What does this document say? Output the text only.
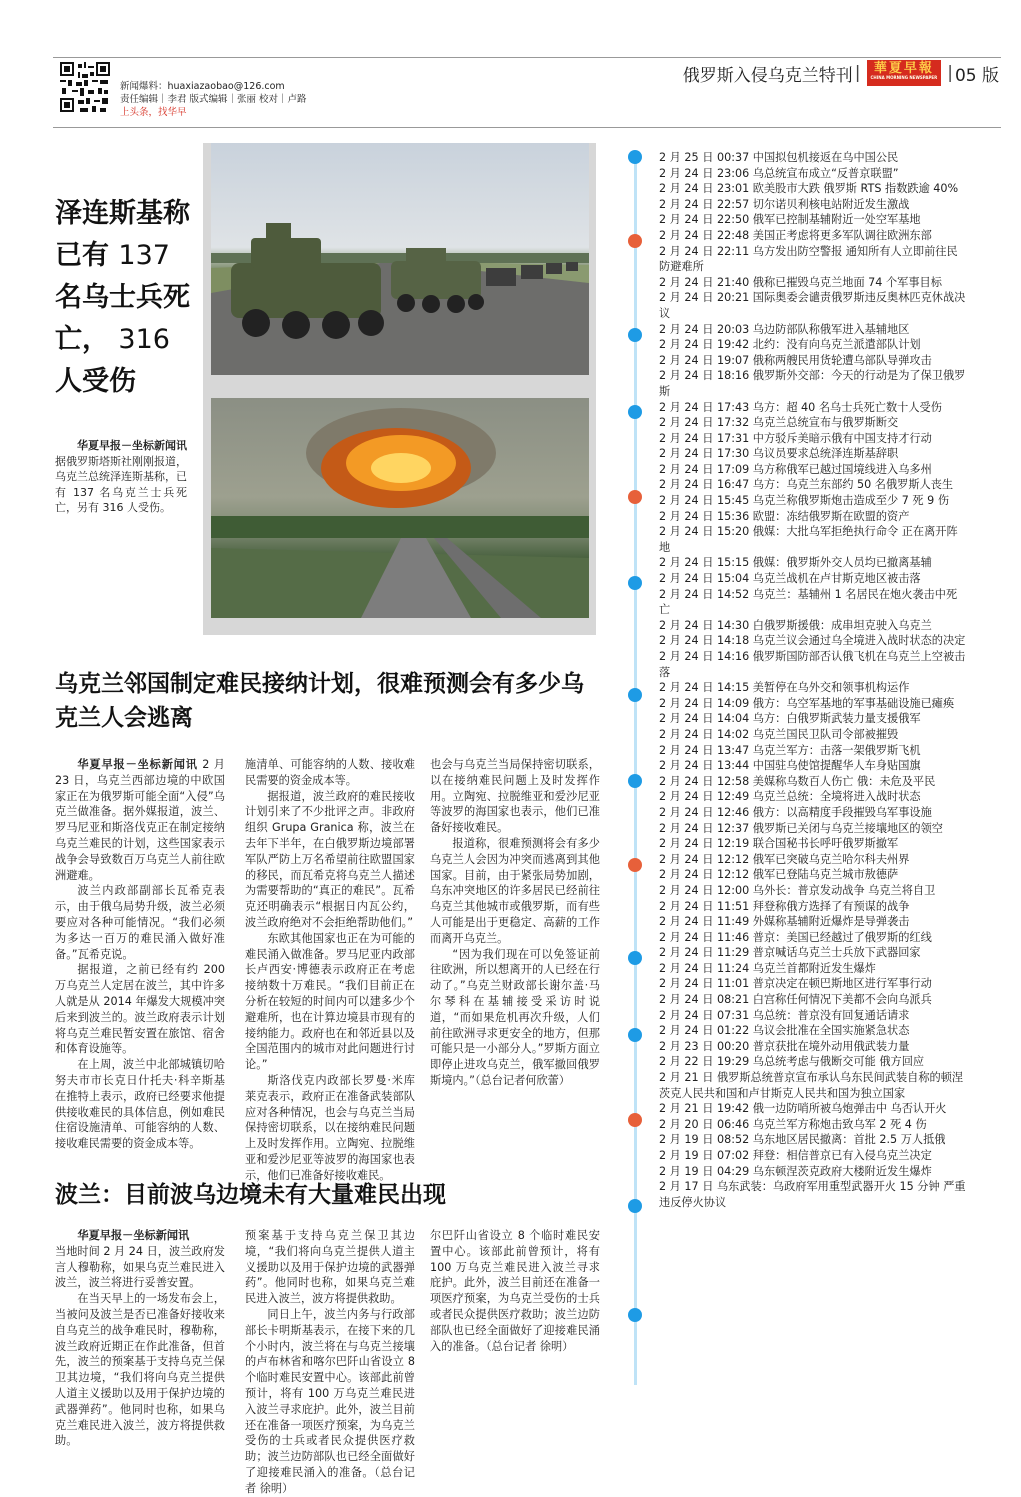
新闻爆料：huaxiazaobao@126.com
责任编辑｜李君 版式编辑｜张丽 校对｜卢路
上头条，找华早
俄罗斯入侵乌克兰特刊 |	華夏早報
CHINA MORNING NEWSPAPER | 05 版
泽连斯基称已有 137 名乌士兵死亡， 316 人受伤
华夏早报－坐标新闻讯 据俄罗斯塔斯社刚刚报道，乌克兰总统泽连斯基称，已有 137 名乌克兰士兵死亡，另有 316 人受伤。
乌克兰邻国制定难民接纳计划，很难预测会有多少乌克兰人会逃离

华夏早报－坐标新闻讯 2 月 23 日，乌克兰西部边境的中欧国家正在为俄罗斯可能全面“入侵”乌克兰做准备。据外媒报道，波兰、罗马尼亚和斯洛伐克正在制定接纳乌克兰难民的计划，这些国家表示战争会导致数百万乌克兰人前往欧洲避难。

波兰内政部副部长瓦希克表示，由于俄乌局势升级，波兰必须要应对各种可能情况。“我们必须为多达一百万的难民涌入做好准备。”瓦希克说。

据报道，之前已经有约 200 万乌克兰人定居在波兰，其中许多人就是从 2014 年爆发大规模冲突后来到波兰的。波兰政府表示计划将乌克兰难民暂安置在旅馆、宿舍和体育设施等。

在上周，波兰中北部城镇切哈努夫市市长克日什托夫·科辛斯基在推特上表示，政府已经要求他提供接收难民的具体信息，例如难民住宿设施清单、可能容纳的人数、接收难民需要的资金成本等。

施清单、可能容纳的人数、接收难民需要的资金成本等。

据报道，波兰政府的难民接收计划引来了不少批评之声。非政府组织 Grupa Granica 称，波兰在去年下半年，在白俄罗斯边境部署军队严防上万名希望前往欧盟国家的移民，而瓦希克将乌克兰人描述为需要帮助的“真正的难民”。瓦希克还明确表示“根据日内瓦公约，波兰政府绝对不会拒绝帮助他们。”

东欧其他国家也正在为可能的难民涌入做准备。罗马尼亚内政部长卢西安·博德表示政府正在考虑接纳数十万难民。“我们目前正在分析在较短的时间内可以建多少个避难所，也在计算边境县市现有的接纳能力。政府也在和邻近县以及全国范围内的城市对此问题进行讨论。”

斯洛伐克内政部长罗曼·米库莱克表示，政府正在准备武装部队应对各种情况，也会与乌克兰当局保持密切联系，以在接纳难民问题上及时发挥作用。立陶宛、拉脱维亚和爱沙尼亚等波罗的海国家也表示，他们已准备好接收难民。

也会与乌克兰当局保持密切联系，以在接纳难民问题上及时发挥作用。立陶宛、拉脱维亚和爱沙尼亚等波罗的海国家也表示，他们已准备好接收难民。

报道称，很难预测将会有多少乌克兰人会因为冲突而逃离到其他国家。目前，由于紧张局势加剧，乌东冲突地区的许多居民已经前往乌克兰其他城市或俄罗斯，而有些人可能是出于更稳定、高薪的工作而离开乌克兰。

“因为我们现在可以免签证前往欧洲，所以想离开的人已经在行动了。”乌克兰财政部长谢尔盖·马尔琴科在基辅接受采访时说道，“而如果危机再次升级，人们前往欧洲寻求更安全的地方，但那可能只是一小部分人。”罗斯方面立即停止进攻乌克兰，俄军撤回俄罗斯境内。”（总台记者何欣蕾）

波兰：目前波乌边境未有大量难民出现

华夏早报－坐标新闻讯

当地时间 2 月 24 日，波兰政府发言人穆勒称，如果乌克兰难民进入波兰，波兰将进行妥善安置。

在当天早上的一场发布会上，当被问及波兰是否已准备好接收来自乌克兰的战争难民时，穆勒称，波兰政府近期正在作此准备，但首先，波兰的预案基于支持乌克兰保卫其边境，“我们将向乌克兰提供人道主义援助以及用于保护边境的武器弹药”。他同时也称，如果乌克兰难民进入波兰，波方将提供救助。

预案基于支持乌克兰保卫其边境，“我们将向乌克兰提供人道主义援助以及用于保护边境的武器弹药”。他同时也称，如果乌克兰难民进入波兰，波方将提供救助。

同日上午，波兰内务与行政部部长卡明斯基表示，在接下来的几个小时内，波兰将在与乌克兰接壤的卢布林省和喀尔巴阡山省设立 8 个临时难民安置中心。该部此前曾预计，将有 100 万乌克兰难民进入波兰寻求庇护。此外，波兰目前还在准备一项医疗预案，为乌克兰受伤的士兵或者民众提供医疗救助；波兰边防部队也已经全面做好了迎接难民涌入的准备。（总台记者 徐明）

尔巴阡山省设立 8 个临时难民安置中心。该部此前曾预计，将有 100 万乌克兰难民进入波兰寻求庇护。此外，波兰目前还在准备一项医疗预案，为乌克兰受伤的士兵或者民众提供医疗救助；波兰边防部队也已经全面做好了迎接难民涌入的准备。（总台记者 徐明）

2 月 25 日 00:37 中国拟包机接返在乌中国公民
2 月 24 日 23:06 乌总统宣布成立“反普京联盟”
2 月 24 日 23:01 欧美股市大跌 俄罗斯 RTS 指数跌逾 40%
2 月 24 日 22:57 切尔诺贝利核电站附近发生激战
2 月 24 日 22:50 俄军已控制基辅附近一处空军基地
2 月 24 日 22:48 美国正考虑将更多军队调往欧洲东部
2 月 24 日 22:11 乌方发出防空警报 通知所有人立即前往民防避难所
2 月 24 日 21:40 俄称已摧毁乌克兰地面 74 个军事目标
2 月 24 日 20:21 国际奥委会谴责俄罗斯违反奥林匹克休战决议
2 月 24 日 20:03 乌边防部队称俄军进入基辅地区
2 月 24 日 19:42 北约：没有向乌克兰派遣部队计划
2 月 24 日 19:07 俄称两艘民用货轮遭乌部队导弹攻击
2 月 24 日 18:16 俄罗斯外交部：今天的行动是为了保卫俄罗斯
2 月 24 日 17:43 乌方：超 40 名乌士兵死亡数十人受伤
2 月 24 日 17:32 乌克兰总统宣布与俄罗斯断交
2 月 24 日 17:31 中方驳斥美暗示俄有中国支持才行动
2 月 24 日 17:30 乌议员要求总统泽连斯基辞职
2 月 24 日 17:09 乌方称俄军已越过国境线进入乌多州
2 月 24 日 16:47 乌方：乌克兰东部约 50 名俄罗斯人丧生
2 月 24 日 15:45 乌克兰称俄罗斯炮击造成至少 7 死 9 伤
2 月 24 日 15:36 欧盟：冻结俄罗斯在欧盟的资产
2 月 24 日 15:20 俄媒：大批乌军拒绝执行命令 正在离开阵地
2 月 24 日 15:15 俄媒：俄罗斯外交人员均已撤离基辅
2 月 24 日 15:04 乌克兰战机在卢甘斯克地区被击落
2 月 24 日 14:52 乌克兰：基辅州 1 名居民在炮火袭击中死亡
2 月 24 日 14:30 白俄罗斯援俄：成串坦克驶入乌克兰
2 月 24 日 14:18 乌克兰议会通过乌全境进入战时状态的决定
2 月 24 日 14:16 俄罗斯国防部否认俄飞机在乌克兰上空被击落
2 月 24 日 14:15 美暂停在乌外交和领事机构运作
2 月 24 日 14:09 俄方：乌空军基地的军事基础设施已瘫痪
2 月 24 日 14:04 乌方：白俄罗斯武装力量支援俄军
2 月 24 日 14:02 乌克兰国民卫队司令部被摧毁
2 月 24 日 13:47 乌克兰军方：击落一架俄罗斯飞机
2 月 24 日 13:44 中国驻乌使馆提醒华人车身贴国旗
2 月 24 日 12:58 美媒称乌数百人伤亡 俄：未危及平民
2 月 24 日 12:49 乌克兰总统：全境将进入战时状态
2 月 24 日 12:46 俄方：以高精度手段摧毁乌军事设施
2 月 24 日 12:37 俄罗斯已关闭与乌克兰接壤地区的领空
2 月 24 日 12:19 联合国秘书长呼吁俄罗斯撤军
2 月 24 日 12:12 俄军已突破乌克兰哈尔科夫州界
2 月 24 日 12:12 俄军已登陆乌克兰城市敖德萨
2 月 24 日 12:00 乌外长：普京发动战争 乌克兰将自卫
2 月 24 日 11:51 拜登称俄方选择了有预谋的战争
2 月 24 日 11:49 外媒称基辅附近爆炸是导弹袭击
2 月 24 日 11:46 普京：美国已经越过了俄罗斯的红线
2 月 24 日 11:29 普京喊话乌克兰士兵放下武器回家
2 月 24 日 11:24 乌克兰首都附近发生爆炸
2 月 24 日 11:01 普京决定在顿巴斯地区进行军事行动
2 月 24 日 08:21 白宫称任何情况下美都不会向乌派兵
2 月 24 日 07:31 乌总统：普京没有回复通话请求
2 月 24 日 01:22 乌议会批准在全国实施紧急状态
2 月 23 日 00:20 普京获批在境外动用俄武装力量
2 月 22 日 19:29 乌总统考虑与俄断交可能 俄方回应
2 月 21 日 俄罗斯总统普京宣布承认乌东民间武装自称的顿涅茨克人民共和国和卢甘斯克人民共和国为独立国家
2 月 21 日 19:42 俄一边防哨所被乌炮弹击中 乌否认开火
2 月 20 日 06:46 乌克兰军方称炮击致乌军 2 死 4 伤
2 月 19 日 08:52 乌东地区居民撤离：首批 2.5 万人抵俄
2 月 19 日 07:02 拜登：相信普京已有入侵乌克兰决定
2 月 19 日 04:29 乌东顿涅茨克政府大楼附近发生爆炸
2 月 17 日 乌东武装：乌政府军用重型武器开火 15 分钟 严重违反停火协议
